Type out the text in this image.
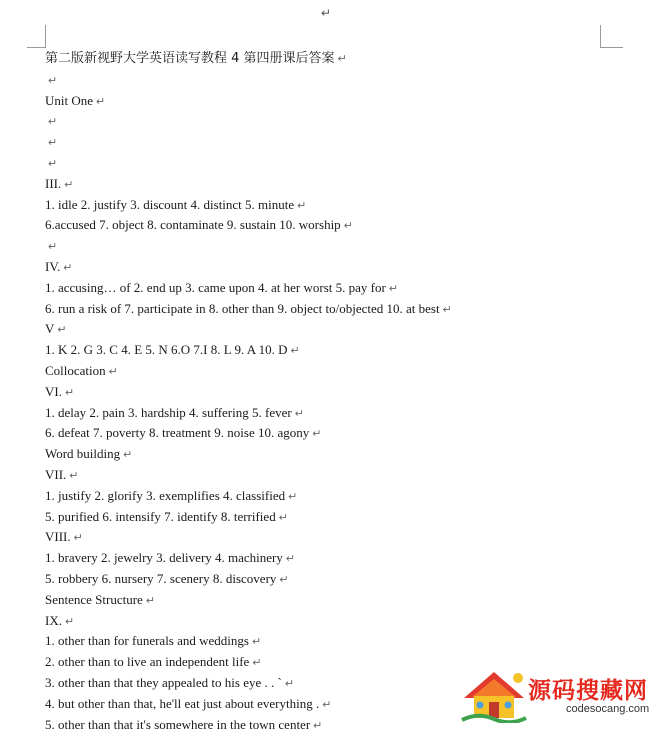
↵
第二版新视野大学英语读写教程 4 第四册课后答案 ↵
↵
Unit One ↵
↵
↵
↵
III. ↵
1. idle 2. justify 3. discount 4. distinct 5. minute ↵
6.accused 7. object 8. contaminate 9. sustain 10. worship ↵
↵
IV. ↵
1. accusing… of 2. end up 3. came upon 4. at her worst 5. pay for ↵
6. run a risk of 7. participate in 8. other than 9. object to/objected 10. at best ↵
V ↵
1. K 2. G 3. C 4. E 5. N 6.O 7.I 8. L 9. A 10. D ↵
Collocation ↵
VI. ↵
1. delay 2. pain 3. hardship 4. suffering 5. fever ↵
6. defeat 7. poverty 8. treatment 9. noise 10. agony ↵
Word building ↵
VII. ↵
1. justify 2. glorify 3. exemplifies 4. classified ↵
5. purified 6. intensify 7. identify 8. terrified ↵
VIII. ↵
1. bravery 2. jewelry 3. delivery 4. machinery ↵
5. robbery 6. nursery 7. scenery 8. discovery ↵
Sentence Structure ↵
IX. ↵
1. other than for funerals and weddings ↵
2. other than to live an independent life ↵
3. other than that they appealed to his eye . . ` ↵
4. but other than that, he'll eat just about everything . ↵
5. other than that it's somewhere in the town center ↵
源码搜藏网
codesocang.com
